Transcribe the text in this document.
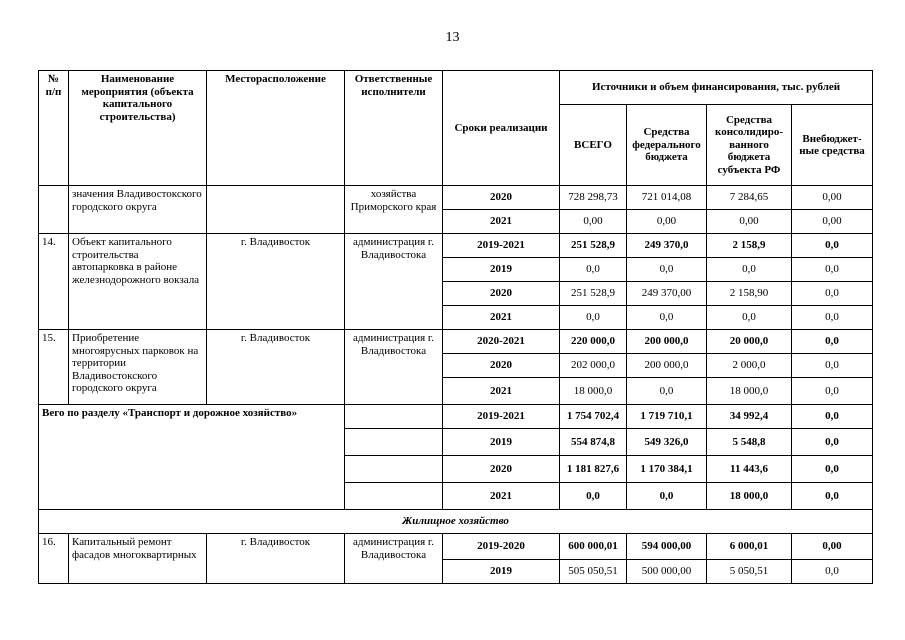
13
№ п/п	Наименование мероприятия (объекта капитального строительства)	Месторасположение	Ответственные исполнители	Сроки реализации	Источники и объем финансирования, тыс. рублей			
					ВСЕГО	Средства федерального бюджета	Средства консолидиро-ванного бюджета субъекта РФ	Внебюджет-ные средства
	значения Владивостокского городского округа		хозяйства Приморского края	2020	728 298,73	721 014,08	7 284,65	0,00
				2021	0,00	0,00	0,00	0,00
14.	Объект капитального строительства автопарковка в районе железнодорожного вокзала	г. Владивосток	администрация г. Владивостока	2019-2021	251 528,9	249 370,0	2 158,9	0,0
				2019	0,0	0,0	0,0	0,0
				2020	251 528,9	249 370,00	2 158,90	0,0
				2021	0,0	0,0	0,0	0,0
15.	Приобретение многоярусных парковок на территории Владивостокского городского округа	г. Владивосток	администрация г. Владивостока	2020-2021	220 000,0	200 000,0	20 000,0	0,0
				2020	202 000,0	200 000,0	2 000,0	0,0
				2021	18 000,0	0,0	18 000,0	0,0
Вего по разделу «Транспорт и дорожное хозяйство»				2019-2021	1 754 702,4	1 719 710,1	34 992,4	0,0
				2019	554 874,8	549 326,0	5 548,8	0,0
				2020	1 181 827,6	1 170 384,1	11 443,6	0,0
				2021	0,0	0,0	18 000,0	0,0
Жилищное хозяйство								
16.	Капитальный ремонт фасадов многоквартирных	г. Владивосток	администрация г. Владивостока	2019-2020	600 000,01	594 000,00	6 000,01	0,00
				2019	505 050,51	500 000,00	5 050,51	0,0
